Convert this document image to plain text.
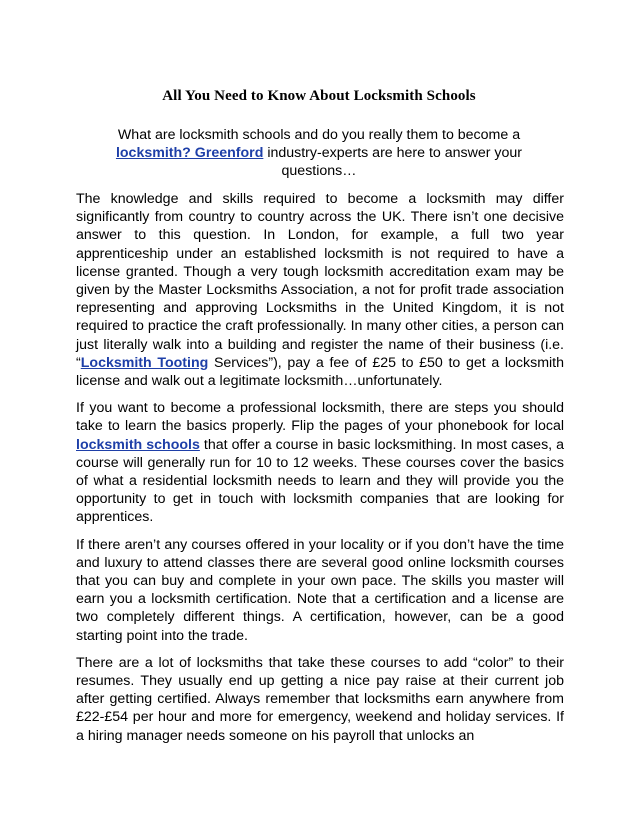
All You Need to Know About Locksmith Schools
What are locksmith schools and do you really them to become a locksmith? Greenford industry-experts are here to answer your questions…

The knowledge and skills required to become a locksmith may differ significantly from country to country across the UK. There isn’t one decisive answer to this question. In London, for example, a full two year apprenticeship under an established locksmith is not required to have a license granted. Though a very tough locksmith accreditation exam may be given by the Master Locksmiths Association, a not for profit trade association representing and approving Locksmiths in the United Kingdom, it is not required to practice the craft professionally. In many other cities, a person can just literally walk into a building and register the name of their business (i.e. “Locksmith Tooting Services”), pay a fee of £25 to £50 to get a locksmith license and walk out a legitimate locksmith…unfortunately.

If you want to become a professional locksmith, there are steps you should take to learn the basics properly. Flip the pages of your phonebook for local locksmith schools that offer a course in basic locksmithing. In most cases, a course will generally run for 10 to 12 weeks. These courses cover the basics of what a residential locksmith needs to learn and they will provide you the opportunity to get in touch with locksmith companies that are looking for apprentices.

If there aren’t any courses offered in your locality or if you don’t have the time and luxury to attend classes there are several good online locksmith courses that you can buy and complete in your own pace. The skills you master will earn you a locksmith certification. Note that a certification and a license are two completely different things. A certification, however, can be a good starting point into the trade.

There are a lot of locksmiths that take these courses to add “color” to their resumes. They usually end up getting a nice pay raise at their current job after getting certified. Always remember that locksmiths earn anywhere from £22-£54 per hour and more for emergency, weekend and holiday services. If a hiring manager needs someone on his payroll that unlocks an
